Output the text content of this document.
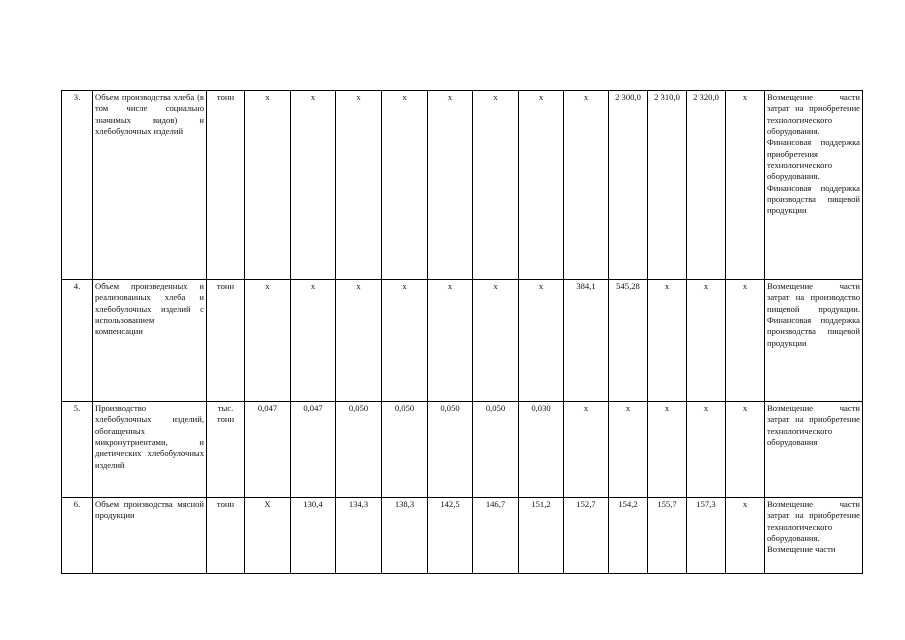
3.	Объем производства хлеба (в том числе социально значимых видов) и хлебобулочных изделий	тонн	х	х	х	х	х	х	х	х	2 300,0	2 310,0	2 320,0	х	Возмещение части затрат на приобретение технологического оборудования. Финансовая поддержка приобретения технологического оборудования. Финансовая поддержка производства пищевой продукции
4.	Объем произведенных и реализованных хлеба и хлебобулочных изделий с использованием компенсации	тонн	х	х	х	х	х	х	х	384,1	545,28	х	х	х	Возмещение части затрат на производство пищевой продукции. Финансовая поддержка производства пищевой продукции
5.	Производство хлебобулочных изделий, обогащенных микронутриентами, и диетических хлебобулочных изделий	тыс. тонн	0,047	0,047	0,050	0,050	0,050	0,050	0,030	х	х	х	х	х	Возмещение части затрат на приобретение технологического оборудования
6.	Объем производства мясной продукции	тонн	Х	130,4	134,3	138,3	142,5	146,7	151,2	152,7	154,2	155,7	157,3	х	Возмещение части затрат на приобретение технологического оборудования. Возмещение части
